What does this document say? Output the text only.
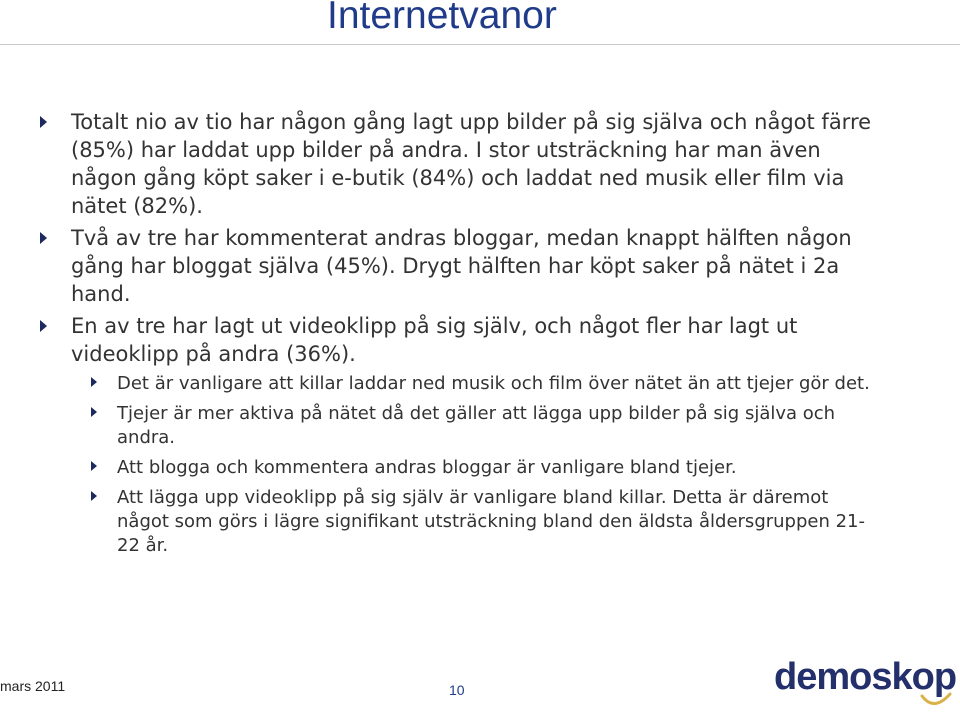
Internetvanor
Totalt nio av tio har någon gång lagt upp bilder på sig själva och något färre (85%) har laddat upp bilder på andra. I stor utsträckning har man även någon gång köpt saker i e-butik (84%) och laddat ned musik eller film via nätet (82%).
Två av tre har kommenterat andras bloggar, medan knappt hälften någon gång har bloggat själva (45%). Drygt hälften har köpt saker på nätet i 2a hand.
En av tre har lagt ut videoklipp på sig själv, och något fler har lagt ut videoklipp på andra (36%).
Det är vanligare att killar laddar ned musik och film över nätet än att tjejer gör det.
Tjejer är mer aktiva på nätet då det gäller att lägga upp bilder på sig själva och andra.
Att blogga och kommentera andras bloggar är vanligare bland tjejer.
Att lägga upp videoklipp på sig själv är vanligare bland killar. Detta är däremot något som görs i lägre signifikant utsträckning bland den äldsta åldersgruppen 21-22 år.
mars 2011	10	demoskop
